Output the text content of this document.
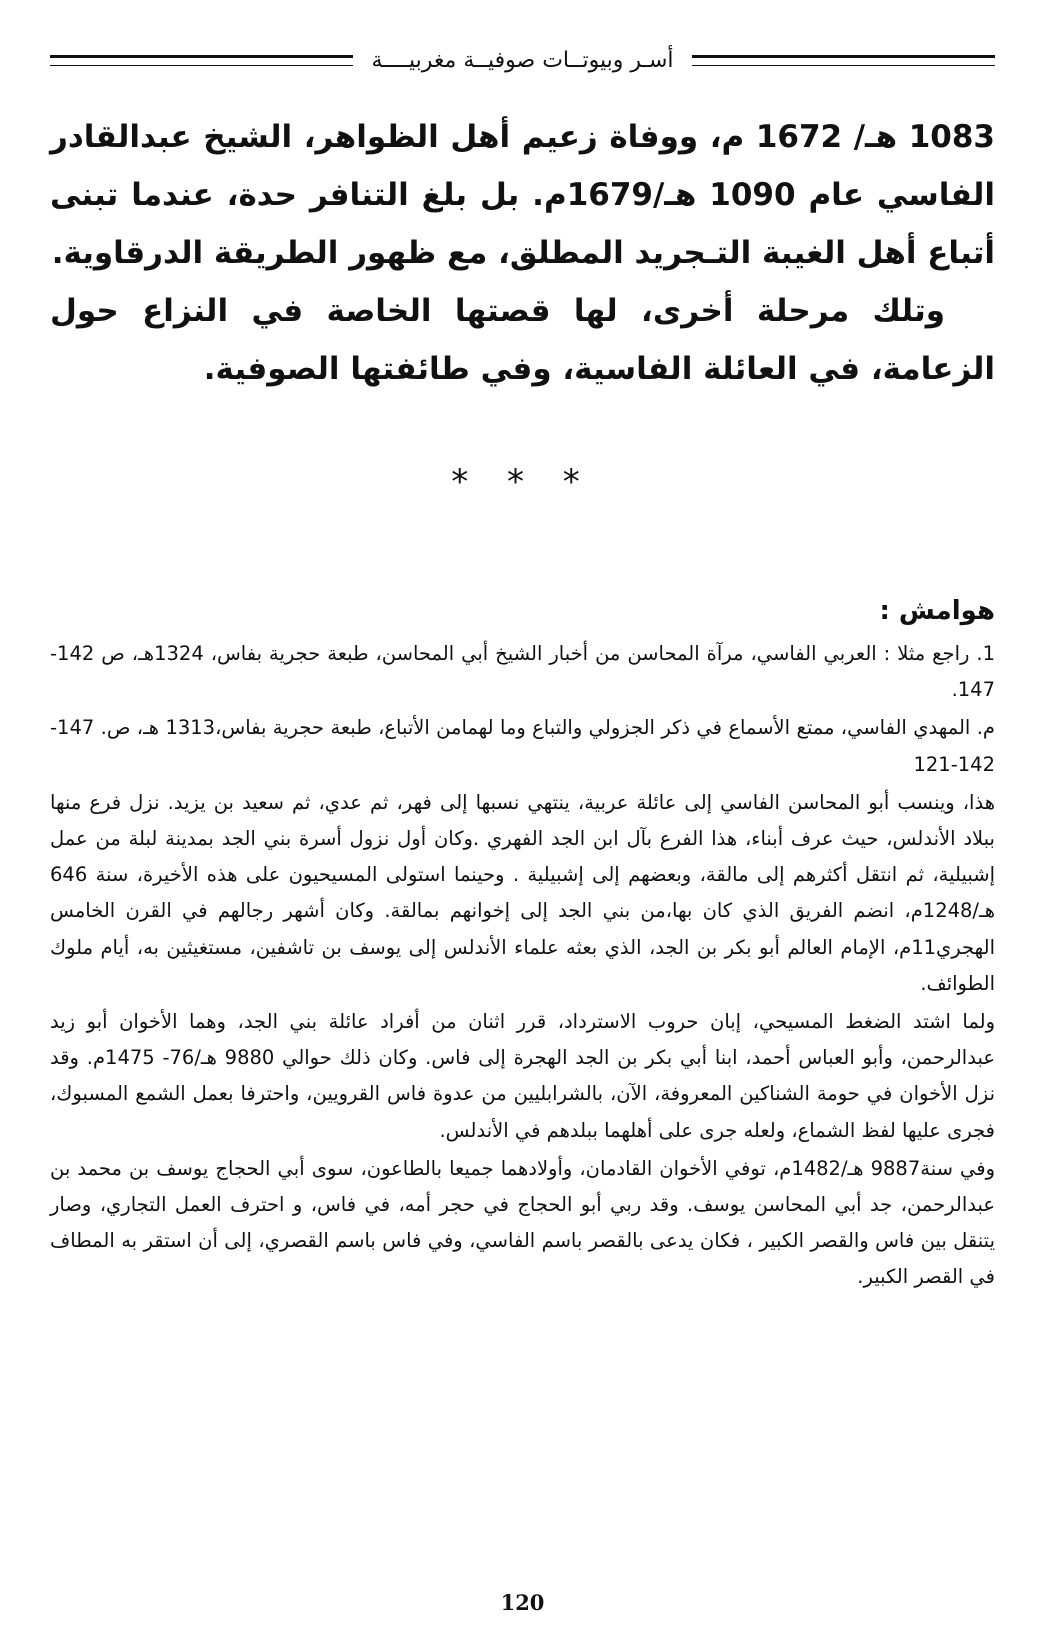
أسـر وبيوتــات صوفيــة مغربيــــة

1083 هـ/ 1672 م، ووفاة زعيم أهل الظواهر، الشيخ عبدالقادر الفاسي عام 1090 هـ/1679م. بل بلغ التنافر حدة، عندما تبنى أتباع أهل الغيبة التـجريد المطلق، مع ظهور الطريقة الدرقاوية.

وتلك مرحلة أخرى، لها قصتها الخاصة في النزاع حول الزعامة، في العائلة الفاسية، وفي طائفتها الصوفية.

* * *
هوامش :

1. راجع مثلا : العربي الفاسي، مرآة المحاسن من أخبار الشيخ أبي المحاسن، طبعة حجرية بفاس، 1324هـ، ص 142-147.

م. المهدي الفاسي، ممتع الأسماع في ذكر الجزولي والتباع وما لهمامن الأتباع، طبعة حجرية بفاس،1313 هـ، ص. 147-142-121

هذا، وينسب أبو المحاسن الفاسي إلى عائلة عربية، ينتهي نسبها إلى فهر، ثم عدي، ثم سعيد بن يزيد. نزل فرع منها ببلاد الأندلس، حيث عرف أبناء، هذا الفرع بآل ابن الجد الفهري .وكان أول نزول أسرة بني الجد بمدينة لبلة من عمل إشبيلية، ثم انتقل أكثرهم إلى مالقة، وبعضهم إلى إشبيلية . وحينما استولى المسيحيون على هذه الأخيرة، سنة 646 هـ/1248م، انضم الفريق الذي كان بها،من بني الجد إلى إخوانهم بمالقة. وكان أشهر رجالهم في القرن الخامس الهجري11م، الإمام العالم أبو بكر بن الجد، الذي بعثه علماء الأندلس إلى يوسف بن تاشفين، مستغيثين به، أيام ملوك الطوائف.

ولما اشتد الضغط المسيحي، إبان حروب الاسترداد، قرر اثنان من أفراد عائلة بني الجد، وهما الأخوان أبو زيد عبدالرحمن، وأبو العباس أحمد، ابنا أبي بكر بن الجد الهجرة إلى فاس. وكان ذلك حوالي 9880 هـ/76- 1475م. وقد نزل الأخوان في حومة الشناكين المعروفة، الآن، بالشرابليين من عدوة فاس القرويين، واحترفا بعمل الشمع المسبوك، فجرى عليها لفظ الشماع، ولعله جرى على أهلهما ببلدهم في الأندلس.

وفي سنة9887 هـ/1482م، توفي الأخوان القادمان، وأولادهما جميعا بالطاعون، سوى أبي الحجاج يوسف بن محمد بن عبدالرحمن، جد أبي المحاسن يوسف. وقد ربي أبو الحجاج في حجر أمه، في فاس، و احترف العمل التجاري، وصار يتنقل بين فاس والقصر الكبير ، فكان يدعى بالقصر باسم الفاسي، وفي فاس باسم القصري، إلى أن استقر به المطاف في القصر الكبير.

120
